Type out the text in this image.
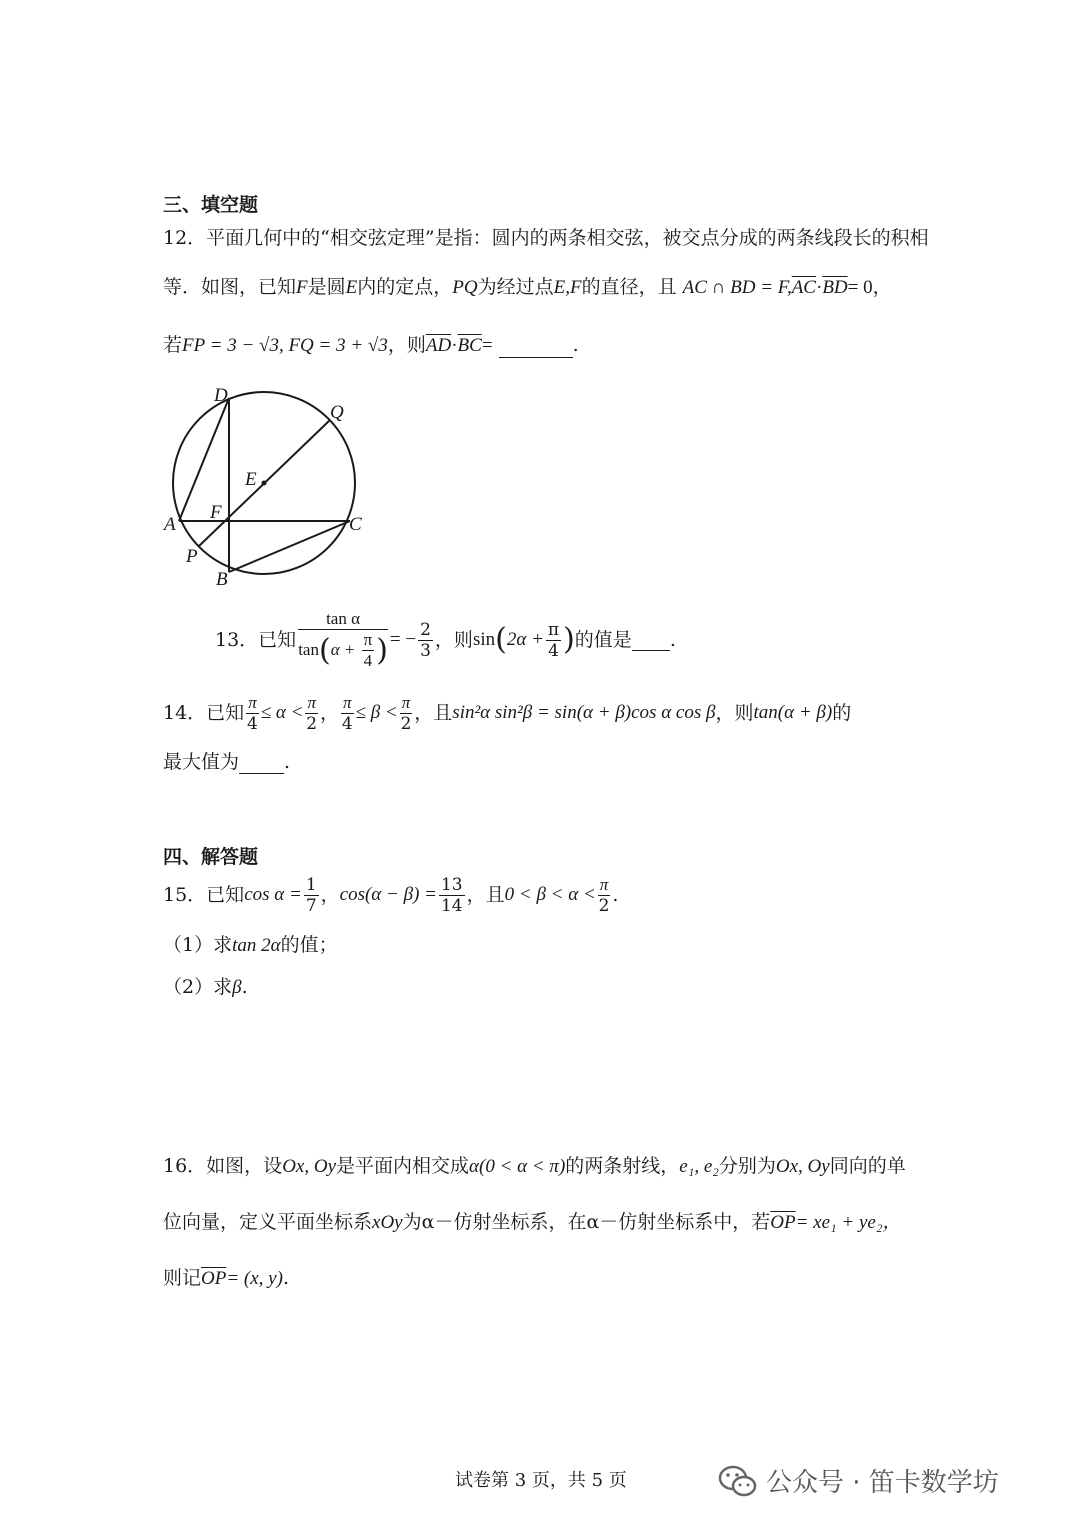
三、填空题
12．平面几何中的“相交弦定理”是指：圆内的两条相交弦，被交点分成的两条线段长的积相
等．如图，已知F是圆E内的定点，PQ为经过点E,F的直径，且 AC ∩ BD = $F,\overline{AC}\cdot\overline{BD}= 0$，
若FP = 3 − √3, FQ = 3 + √3，则$\overline{AD}\cdot\overline{BC}=$	.
D
Q
E
F
A	C
P
B
13．已知 $\frac{\text{tan α}}{\tan(\alpha + \frac{\pi}{4} )}$ = − $\frac{2}{3}$ ，则 sin ( $2\alpha + \frac{\pi}{4}$ ) 的值是 .
14．已知 $\frac{\pi}{4} \le \alpha < \frac{\pi}{2}$ ， $\frac{\pi}{4} \le \beta < \frac{\pi}{2}$ ，且 sin²α sin²β = sin(α + β)cos α cos β ，则 tan(α + β) 的
最大值为 .
四、解答题
15．已知 $\cos \alpha = \frac{1}{7}$ ， $\cos(\alpha - \beta) = \frac{13}{14}$ ，且 $0 < \beta < \alpha < \frac{\pi}{2}$ .
（1）求tan 2α的值；
（2）求β.
16．如图，设Ox, Oy是平面内相交成α(0 < α < π)的两条射线，e₁, e₂分别为Ox, Oy同向的单
位向量，定义平面坐标系xOy为α－仿射坐标系，在α－仿射坐标系中，若$\overline{OP}= xe_1 + ye_2$，
则记$\overline{OP}= (x$, y).
试卷第 3 页，共 5 页	公众号 · 笛卡数学坊
